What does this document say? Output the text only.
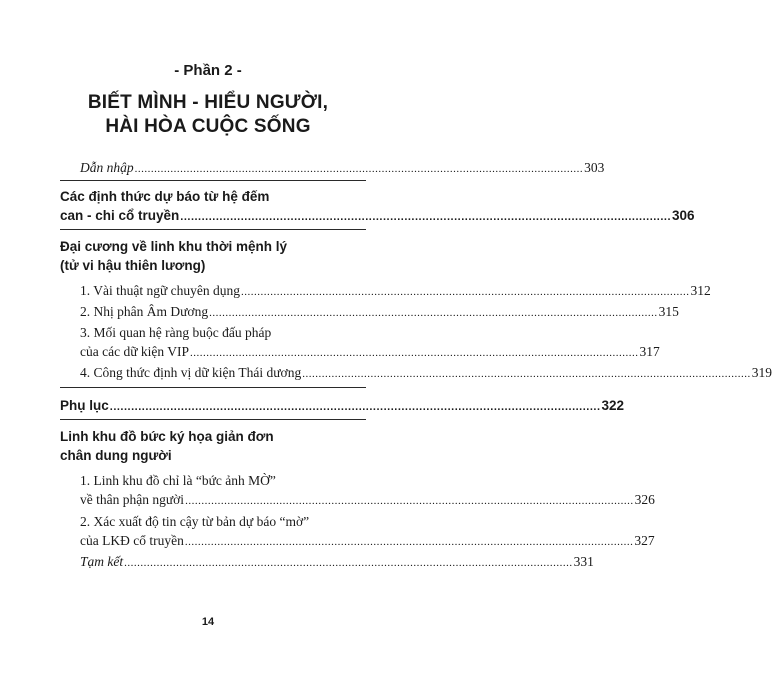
- Phần 2 -
BIẾT MÌNH - HIỂU NGƯỜI,
HÀI HÒA CUỘC SỐNG
Dẫn nhập .......................................................................................................................................... 303
Các định thức dự báo từ hệ đếm
can - chi cổ truyền .......................................................................................................................................... 306
Đại cương về linh khu thời mệnh lý
(tử vi hậu thiên lương)
1. Vài thuật ngữ chuyên dụng .......................................................................................................................................... 312
2. Nhị phân Âm Dương .......................................................................................................................................... 315
3. Mối quan hệ ràng buộc đấu pháp
của các dữ kiện VIP .......................................................................................................................................... 317
4. Công thức định vị dữ kiện Thái dương .......................................................................................................................................... 319
Phụ lục .......................................................................................................................................... 322
Linh khu đồ bức ký họa giản đơn
chân dung người
1. Linh khu đồ chỉ là “bức ảnh MỜ”
về thân phận người .......................................................................................................................................... 326
2. Xác xuất độ tin cậy từ bản dự báo “mờ”
của LKĐ cổ truyền .......................................................................................................................................... 327
Tạm kết .......................................................................................................................................... 331
14
